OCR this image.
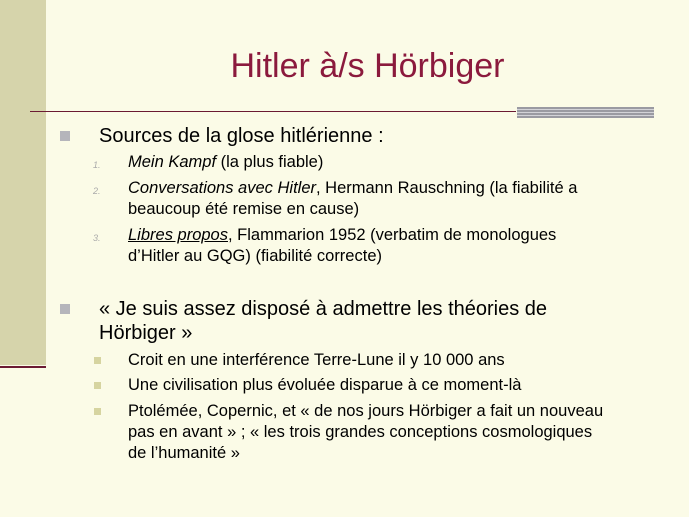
Hitler à/s Hörbiger
Sources de la glose hitlérienne :
1. Mein Kampf (la plus fiable)
2. Conversations avec Hitler, Hermann Rauschning (la fiabilité a
beaucoup été remise en cause)
3. Libres propos, Flammarion 1952 (verbatim de monologues
d’Hitler au GQG) (fiabilité correcte)
« Je suis assez disposé à admettre les théories de
Hörbiger »
Croit en une interférence Terre-Lune il y 10 000 ans
Une civilisation plus évoluée disparue à ce moment-là
Ptolémée, Copernic, et « de nos jours Hörbiger a fait un nouveau
pas en avant » ; « les trois grandes conceptions cosmologiques
de l’humanité »
